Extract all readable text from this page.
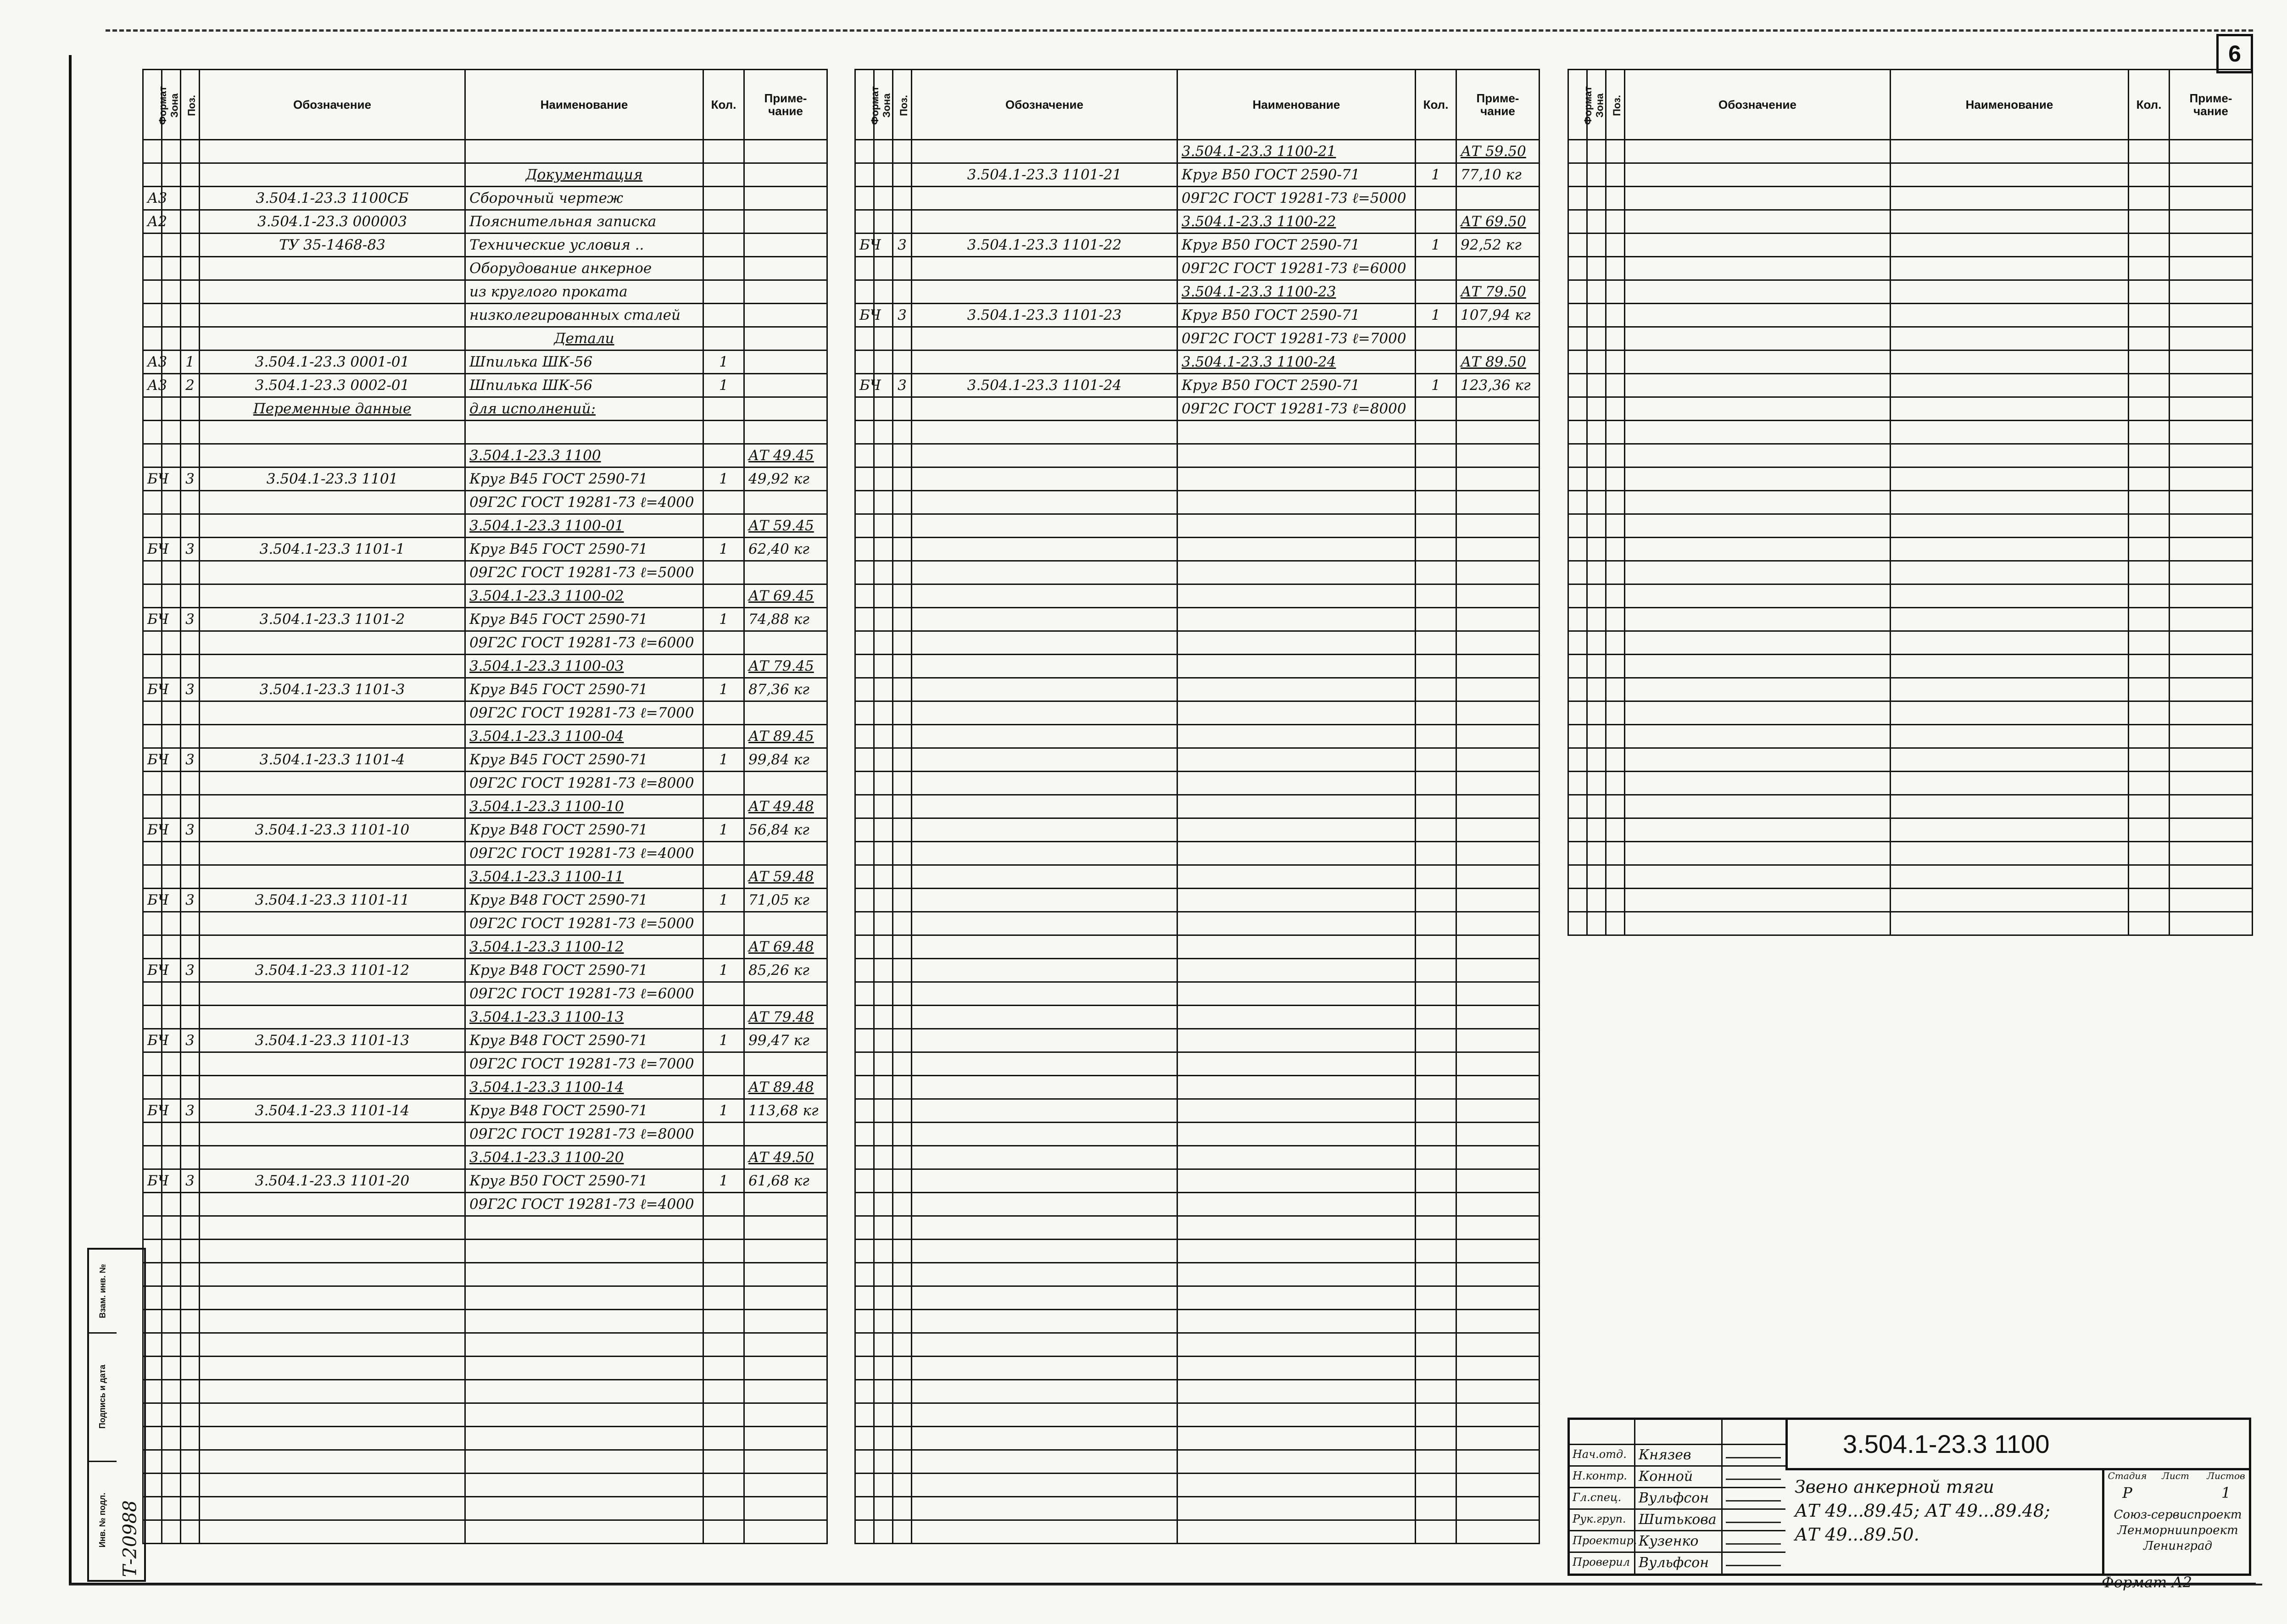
6
Формат	Зона	Поз.	Обозначение	Наименование	Кол.	Приме-чание

				Документация		
А3			3.504.1-23.3 1100СБ	Сборочный чертеж		
А2			3.504.1-23.3 000003	Пояснительная записка		
			ТУ 35-1468-83	Технические условия ..		
				Оборудование анкерное		
				из круглого проката		
				низколегированных сталей		
				Детали		
А3		1	3.504.1-23.3 0001-01	Шпилька ШК-56	1	
А3		2	3.504.1-23.3 0002-01	Шпилька ШК-56	1	
			Переменные данные	для исполнений:		

				3.504.1-23.3 1100		АТ 49.45
БЧ		3	3.504.1-23.3 1101	Круг В45 ГОСТ 2590-71	1	49,92 кг
				09Г2С ГОСТ 19281-73 ℓ=4000		
				3.504.1-23.3 1100-01		АТ 59.45
БЧ		3	3.504.1-23.3 1101-1	Круг В45 ГОСТ 2590-71	1	62,40 кг
				09Г2С ГОСТ 19281-73 ℓ=5000		
				3.504.1-23.3 1100-02		АТ 69.45
БЧ		3	3.504.1-23.3 1101-2	Круг В45 ГОСТ 2590-71	1	74,88 кг
				09Г2С ГОСТ 19281-73 ℓ=6000		
				3.504.1-23.3 1100-03		АТ 79.45
БЧ		3	3.504.1-23.3 1101-3	Круг В45 ГОСТ 2590-71	1	87,36 кг
				09Г2С ГОСТ 19281-73 ℓ=7000		
				3.504.1-23.3 1100-04		АТ 89.45
БЧ		3	3.504.1-23.3 1101-4	Круг В45 ГОСТ 2590-71	1	99,84 кг
				09Г2С ГОСТ 19281-73 ℓ=8000		
				3.504.1-23.3 1100-10		АТ 49.48
БЧ		3	3.504.1-23.3 1101-10	Круг В48 ГОСТ 2590-71	1	56,84 кг
				09Г2С ГОСТ 19281-73 ℓ=4000		
				3.504.1-23.3 1100-11		АТ 59.48
БЧ		3	3.504.1-23.3 1101-11	Круг В48 ГОСТ 2590-71	1	71,05 кг
				09Г2С ГОСТ 19281-73 ℓ=5000		
				3.504.1-23.3 1100-12		АТ 69.48
БЧ		3	3.504.1-23.3 1101-12	Круг В48 ГОСТ 2590-71	1	85,26 кг
				09Г2С ГОСТ 19281-73 ℓ=6000		
				3.504.1-23.3 1100-13		АТ 79.48
БЧ		3	3.504.1-23.3 1101-13	Круг В48 ГОСТ 2590-71	1	99,47 кг
				09Г2С ГОСТ 19281-73 ℓ=7000		
				3.504.1-23.3 1100-14		АТ 89.48
БЧ		3	3.504.1-23.3 1101-14	Круг В48 ГОСТ 2590-71	1	113,68 кг
				09Г2С ГОСТ 19281-73 ℓ=8000		
				3.504.1-23.3 1100-20		АТ 49.50
БЧ		3	3.504.1-23.3 1101-20	Круг В50 ГОСТ 2590-71	1	61,68 кг
				09Г2С ГОСТ 19281-73 ℓ=4000		

Формат	Зона	Поз.	Обозначение	Наименование	Кол.	Приме-чание
				3.504.1-23.3 1100-21		АТ 59.50
			3.504.1-23.3 1101-21	Круг В50 ГОСТ 2590-71	1	77,10 кг
				09Г2С ГОСТ 19281-73 ℓ=5000		
				3.504.1-23.3 1100-22		АТ 69.50
БЧ		3	3.504.1-23.3 1101-22	Круг В50 ГОСТ 2590-71	1	92,52 кг
				09Г2С ГОСТ 19281-73 ℓ=6000		
				3.504.1-23.3 1100-23		АТ 79.50
БЧ		3	3.504.1-23.3 1101-23	Круг В50 ГОСТ 2590-71	1	107,94 кг
				09Г2С ГОСТ 19281-73 ℓ=7000		
				3.504.1-23.3 1100-24		АТ 89.50
БЧ		3	3.504.1-23.3 1101-24	Круг В50 ГОСТ 2590-71	1	123,36 кг
				09Г2С ГОСТ 19281-73 ℓ=8000		

Формат	Зона	Поз.	Обозначение	Наименование	Кол.	Приме-чание

Взам. инв. №
Подпись и дата
Инв. № подл. Т-20988
3.504.1-23.3 1100
Нач.отд. Князев
Н.контр. Конной
Гл.спец. Вульфсон
Рук.груп. Шитькова
Проектир. Кузенко
Проверил Вульфсон
Звено анкерной тяги
АТ 49...89.45; АТ 49...89.48;
АТ 49...89.50.
Стадия	Лист	Листов
Р	1
Союз-сервиспроект
Ленморниипроект
Ленинград
Формат А2
